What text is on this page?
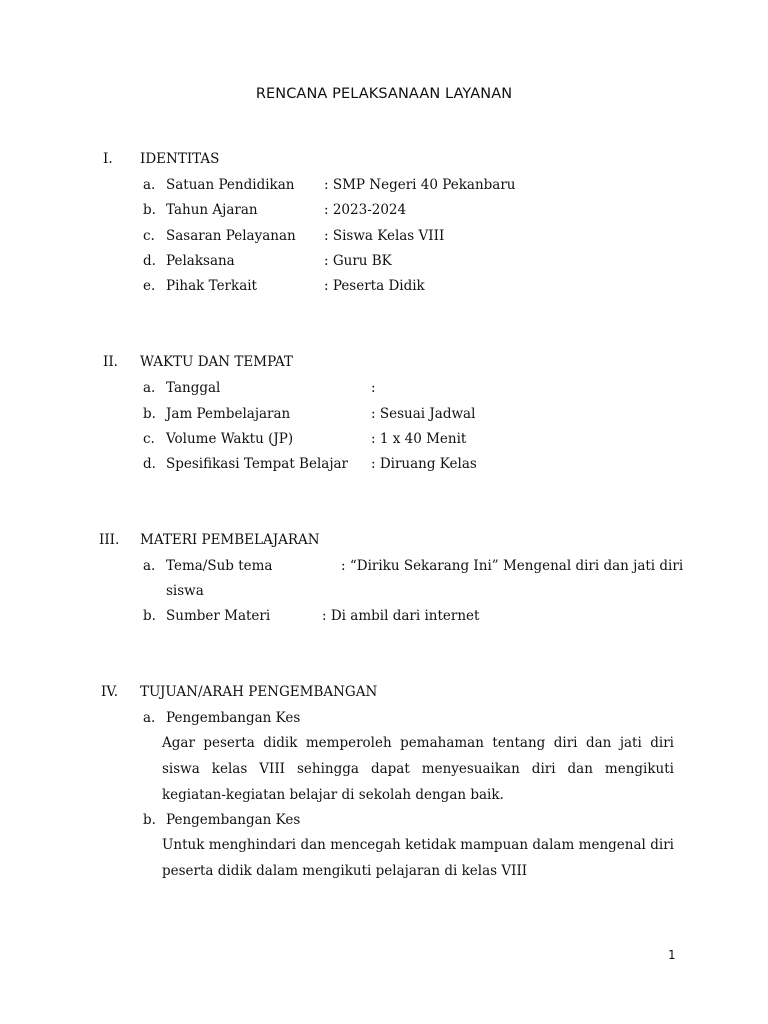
RENCANA PELAKSANAAN LAYANAN
I. IDENTITAS
a. Satuan Pendidikan : SMP Negeri 40 Pekanbaru
b. Tahun Ajaran	: 2023-2024
c. Sasaran Pelayanan : Siswa Kelas VIII
d. Pelaksana	: Guru BK
e. Pihak Terkait	: Peserta Didik
II. WAKTU DAN TEMPAT
a. Tanggal	:
b. Jam Pembelajaran	: Sesuai Jadwal
c. Volume Waktu (JP)	: 1 x 40 Menit
d. Spesifikasi Tempat Belajar : Diruang Kelas
III. MATERI PEMBELAJARAN
a. Tema/Sub tema	: “Diriku Sekarang Ini” Mengenal diri dan jati diri
siswa
b. Sumber Materi	: Di ambil dari internet
IV. TUJUAN/ARAH PENGEMBANGAN
a. Pengembangan Kes
Agar peserta didik memperoleh pemahaman tentang diri dan jati diri siswa kelas VIII sehingga dapat menyesuaikan diri dan mengikuti kegiatan-kegiatan belajar di sekolah dengan baik.
b. Pengembangan Kes
Untuk menghindari dan mencegah ketidak mampuan dalam mengenal diri peserta didik dalam mengikuti pelajaran di kelas VIII
1
